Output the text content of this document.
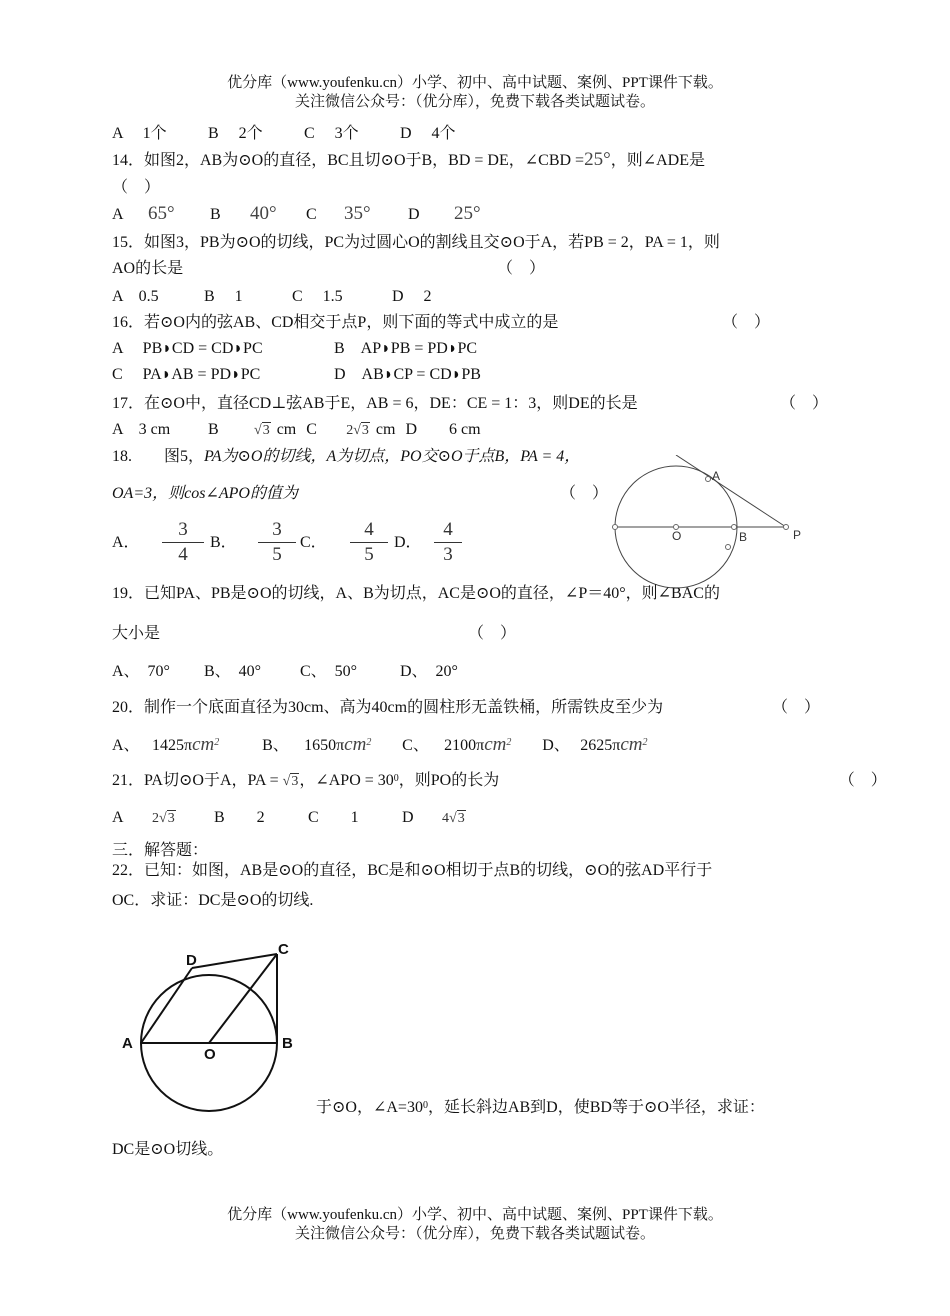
优分库（www.youfenku.cn）小学、初中、高中试题、案例、PPT课件下载。
关注微信公众号：（优分库），免费下载各类试题试卷。
A　 1个	B　 2个	C　 3个	D　 4个
14．如图2，AB为⊙O的直径，BC且切⊙O于B，BD = DE，∠CBD =25°，则∠ADE是
（　）
A 65° B 40° C 35° D 25°
15．如图3，PB为⊙O的切线，PC为过圆心O的割线且交⊙O于A，若PB = 2，PA = 1，则
AO的长是	（　）
A　0.5	B　 1	C　 1.5	D　 2
16．若⊙O内的弦AB、CD相交于点P，则下面的等式中成立的是	（　）
A　 PB◗CD = CD◗PC	B　AP◗PB = PD◗PC
C　 PA◗AB = PD◗PC	D　AB◗CP = CD◗PB
17．在⊙O中，直径CD⊥弦AB于E，AB = 6，DE：CE = 1：3，则DE的长是	（　）
A　3 cm B	√3 cm C 2√3 cm D　　6 cm
18.　　图5，PA为⊙O的切线，A为切点，PO交⊙O于点B，PA = 4，
OA=3，则cos∠APO的值为	（　）
A． $\frac{3}{4}$ B． $\frac{3}{5}$ C． $\frac{4}{5}$ D． $\frac{4}{3}$
A
O	B	P
19．已知PA、PB是⊙O的切线，A、B为切点，AC是⊙O的直径，∠P＝40°，则∠BAC的
大小是	（　）
A、　70° B、　40° C、　50°	D、　20°
20．制作一个底面直径为30cm、高为40cm的圆柱形无盖铁桶，所需铁皮至少为	（　）
A、 1425πcm$^2$	B、 1650πcm$^2$ C、 2100πcm$^2$ D、 2625πcm$^2$
21．PA切⊙O于A，PA = √3，∠APO = $30^0$，则PO的长为	（　）
A 2√3 B　　2	C　　1	D 4√3
三．解答题：
22．已知：如图，AB是⊙O的直径，BC是和⊙O相切于点B的切线，⊙O的弦AD平行于
OC．求证：DC是⊙O的切线.
D
C
A
O
B
于⊙O，$\angle A=30^0$，延长斜边AB到D，使BD等于⊙O半径，求证：
DC是⊙O切线。
优分库（www.youfenku.cn）小学、初中、高中试题、案例、PPT课件下载。
关注微信公众号：（优分库），免费下载各类试题试卷。
